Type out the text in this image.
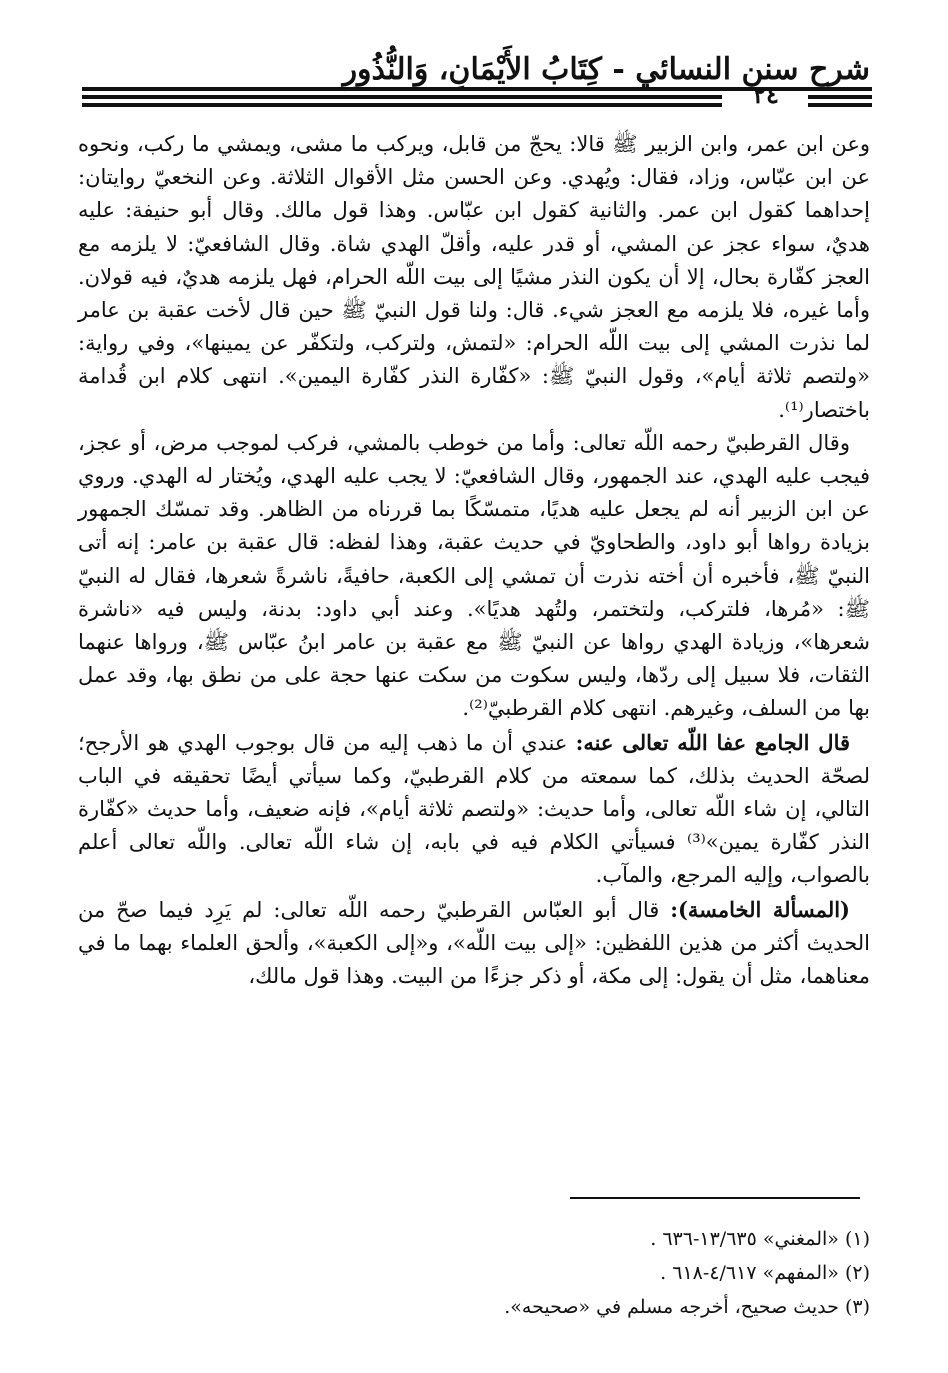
شرح سنن النسائي - كِتَابُ الأَيْمَانِ، وَالنُّذُورِ
٢٤

وعن ابن عمر، وابن الزبير ﷺ قالا: يحجّ من قابل، ويركب ما مشى، ويمشي ما ركب، ونحوه عن ابن عبّاس، وزاد، فقال: ويُهدي. وعن الحسن مثل الأقوال الثلاثة. وعن النخعيّ روايتان: إحداهما كقول ابن عمر. والثانية كقول ابن عبّاس. وهذا قول مالك. وقال أبو حنيفة: عليه هديٌ، سواء عجز عن المشي، أو قدر عليه، وأقلّ الهدي شاة. وقال الشافعيّ: لا يلزمه مع العجز كفّارة بحال، إلا أن يكون النذر مشيًا إلى بيت اللّه الحرام، فهل يلزمه هديٌ، فيه قولان. وأما غيره، فلا يلزمه مع العجز شيء. قال: ولنا قول النبيّ ﷺ حين قال لأخت عقبة بن عامر لما نذرت المشي إلى بيت اللّه الحرام: «لتمش، ولتركب، ولتكفّر عن يمينها»، وفي رواية: «ولتصم ثلاثة أيام»، وقول النبيّ ﷺ: «كفّارة النذر كفّارة اليمين». انتهى كلام ابن قُدامة باختصار⁽¹⁾.

وقال القرطبيّ رحمه اللّه تعالى: وأما من خوطب بالمشي، فركب لموجب مرض، أو عجز، فيجب عليه الهدي، عند الجمهور، وقال الشافعيّ: لا يجب عليه الهدي، ويُختار له الهدي. وروي عن ابن الزبير أنه لم يجعل عليه هديًا، متمسّكًا بما قررناه من الظاهر. وقد تمسّك الجمهور بزيادة رواها أبو داود، والطحاويّ في حديث عقبة، وهذا لفظه: قال عقبة بن عامر: إنه أتى النبيّ ﷺ، فأخبره أن أخته نذرت أن تمشي إلى الكعبة، حافيةً، ناشرةً شعرها، فقال له النبيّ ﷺ: «مُرها، فلتركب، ولتختمر، ولتُهد هديًا». وعند أبي داود: بدنة، وليس فيه «ناشرة شعرها»، وزيادة الهدي رواها عن النبيّ ﷺ مع عقبة بن عامر ابنُ عبّاس ﷺ، ورواها عنهما الثقات، فلا سبيل إلى ردّها، وليس سكوت من سكت عنها حجة على من نطق بها، وقد عمل بها من السلف، وغيرهم. انتهى كلام القرطبيّ⁽²⁾.

قال الجامع عفا اللّه تعالى عنه: عندي أن ما ذهب إليه من قال بوجوب الهدي هو الأرجح؛ لصحّة الحديث بذلك، كما سمعته من كلام القرطبيّ، وكما سيأتي أيضًا تحقيقه في الباب التالي، إن شاء اللّه تعالى، وأما حديث: «ولتصم ثلاثة أيام»، فإنه ضعيف، وأما حديث «كفّارة النذر كفّارة يمين»⁽³⁾ فسيأتي الكلام فيه في بابه، إن شاء اللّه تعالى. واللّه تعالى أعلم بالصواب، وإليه المرجع، والمآب.

(المسألة الخامسة): قال أبو العبّاس القرطبيّ رحمه اللّه تعالى: لم يَرِد فيما صحّ من الحديث أكثر من هذين اللفظين: «إلى بيت اللّه»، و«إلى الكعبة»، وألحق العلماء بهما ما في معناهما، مثل أن يقول: إلى مكة، أو ذكر جزءًا من البيت. وهذا قول مالك،

(١) «المغني» ١٣/٦٣٥-٦٣٦ .

(٢) «المفهم» ٤/٦١٧-٦١٨ .

(٣) حديث صحيح، أخرجه مسلم في «صحيحه».
